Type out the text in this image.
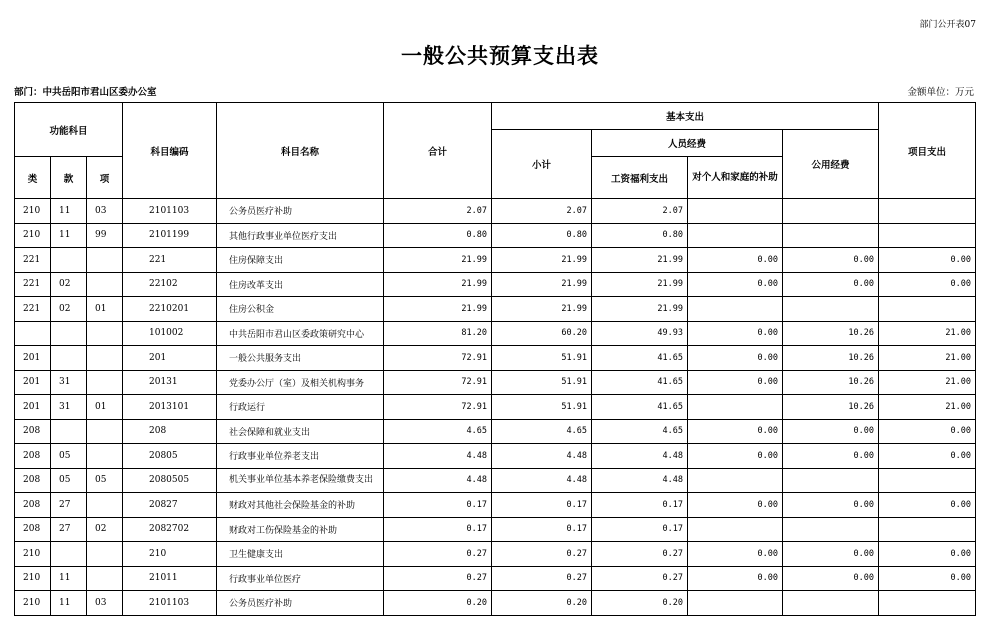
部门公开表07
一般公共预算支出表
部门：中共岳阳市君山区委办公室	金额单位：万元
功能科目			科目编码	科目名称	合计	基本支出				项目支出
						小计	人员经费		公用经费	
类	款	项					工资福利支出	对个人和家庭的补助		
210	11	03	2101103	公务员医疗补助	2.07	2.07	2.07			
210	11	99	2101199	其他行政事业单位医疗支出	0.80	0.80	0.80			
221			221	住房保障支出	21.99	21.99	21.99	0.00	0.00	0.00
221	02		22102	住房改革支出	21.99	21.99	21.99	0.00	0.00	0.00
221	02	01	2210201	住房公积金	21.99	21.99	21.99			
			101002	中共岳阳市君山区委政策研究中心	81.20	60.20	49.93	0.00	10.26	21.00
201			201	一般公共服务支出	72.91	51.91	41.65	0.00	10.26	21.00
201	31		20131	党委办公厅（室）及相关机构事务	72.91	51.91	41.65	0.00	10.26	21.00
201	31	01	2013101	行政运行	72.91	51.91	41.65		10.26	21.00
208			208	社会保障和就业支出	4.65	4.65	4.65	0.00	0.00	0.00
208	05		20805	行政事业单位养老支出	4.48	4.48	4.48	0.00	0.00	0.00
208	05	05	2080505	机关事业单位基本养老保险缴费支出	4.48	4.48	4.48			
208	27		20827	财政对其他社会保险基金的补助	0.17	0.17	0.17	0.00	0.00	0.00
208	27	02	2082702	财政对工伤保险基金的补助	0.17	0.17	0.17			
210			210	卫生健康支出	0.27	0.27	0.27	0.00	0.00	0.00
210	11		21011	行政事业单位医疗	0.27	0.27	0.27	0.00	0.00	0.00
210	11	03	2101103	公务员医疗补助	0.20	0.20	0.20			
